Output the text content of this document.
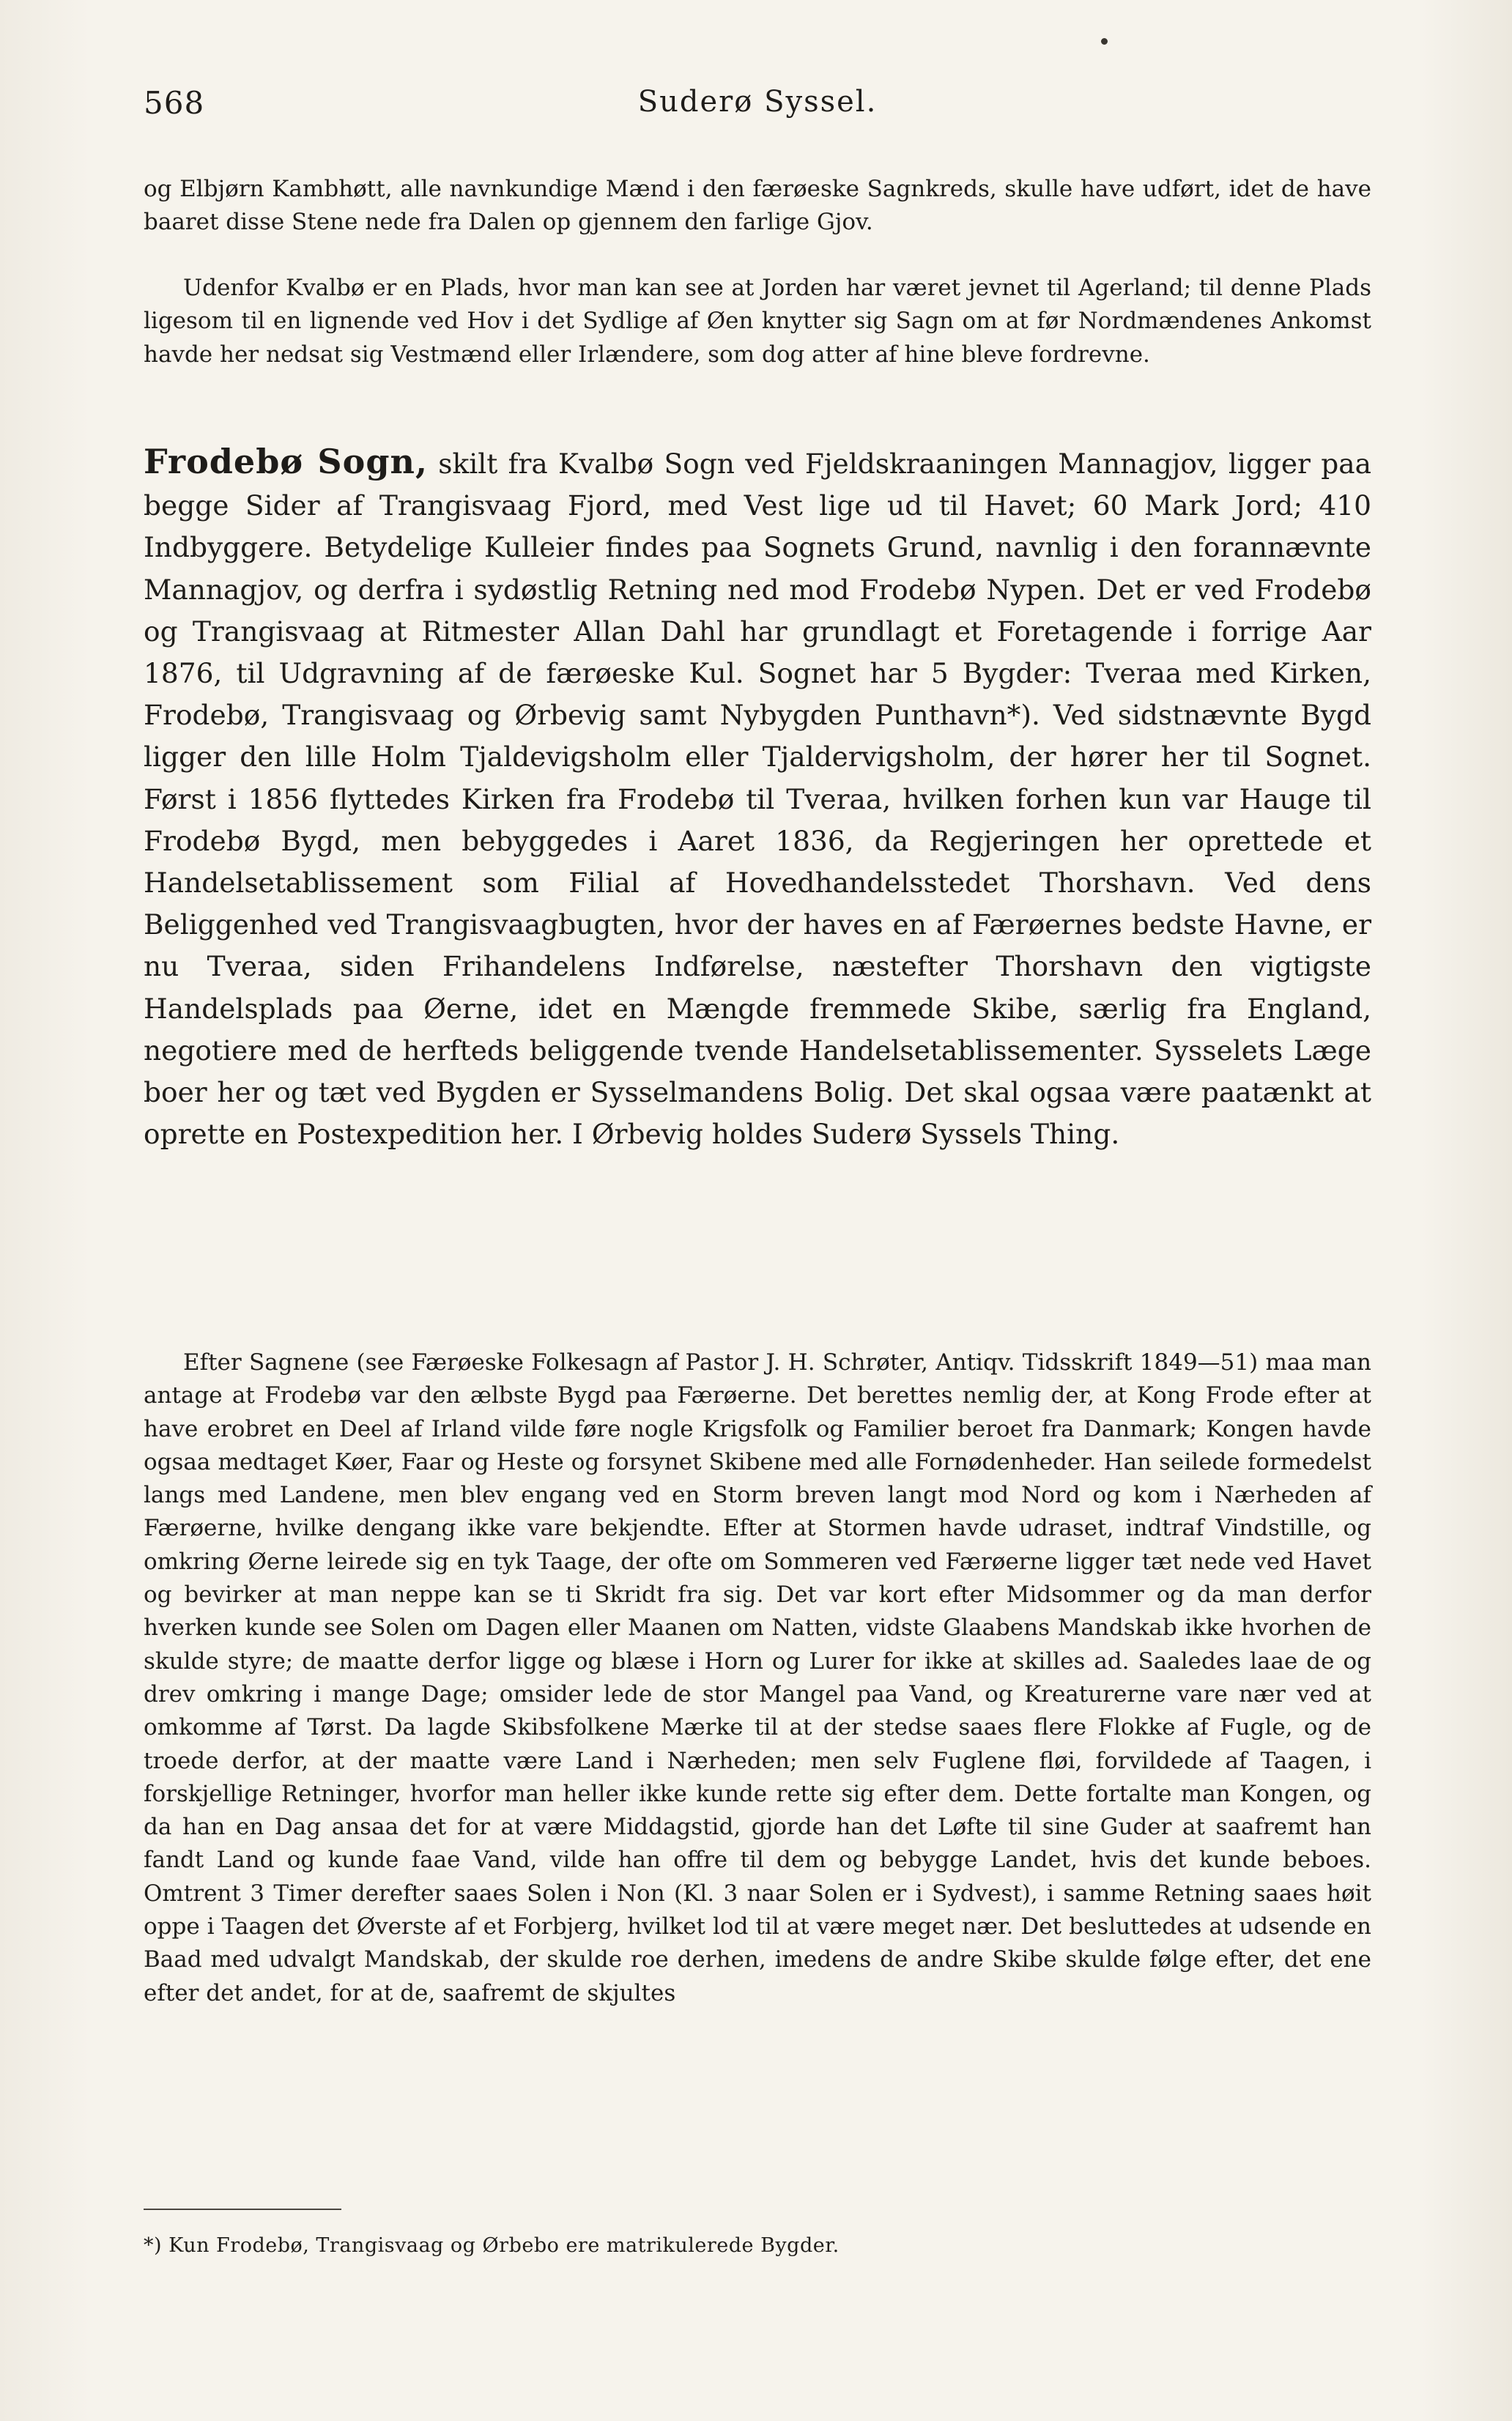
568	Suderø Syssel.

og Elbjørn Kambhøtt, alle navnkundige Mænd i den færøeske Sagnkreds, skulle have udført, idet de have baaret disse Stene nede fra Dalen op gjennem den farlige Gjov.

Udenfor Kvalbø er en Plads, hvor man kan see at Jorden har været jevnet til Agerland; til denne Plads ligesom til en lignende ved Hov i det Sydlige af Øen knytter sig Sagn om at før Nordmændenes Ankomst havde her nedsat sig Vestmænd eller Irlændere, som dog atter af hine bleve fordrevne.

Frodebø Sogn, skilt fra Kvalbø Sogn ved Fjeldskraaningen Mannagjov, ligger paa begge Sider af Trangisvaag Fjord, med Vest lige ud til Havet; 60 Mark Jord; 410 Indbyggere. Betydelige Kulleier findes paa Sognets Grund, navnlig i den forannævnte Mannagjov, og derfra i sydøstlig Retning ned mod Frodebø Nypen. Det er ved Frodebø og Trangisvaag at Ritmester Allan Dahl har grundlagt et Foretagende i forrige Aar 1876, til Udgravning af de færøeske Kul. Sognet har 5 Bygder: Tveraa med Kirken, Frodebø, Trangisvaag og Ørbevig samt Nybygden Punthavn*). Ved sidstnævnte Bygd ligger den lille Holm Tjaldevigsholm eller Tjaldervigsholm, der hører her til Sognet. Først i 1856 flyttedes Kirken fra Frodebø til Tveraa, hvilken forhen kun var Hauge til Frodebø Bygd, men bebyggedes i Aaret 1836, da Regjeringen her oprettede et Handelsetablissement som Filial af Hovedhandelsstedet Thorshavn. Ved dens Beliggenhed ved Trangisvaagbugten, hvor der haves en af Færøernes bedste Havne, er nu Tveraa, siden Frihandelens Indførelse, næstefter Thorshavn den vigtigste Handelsplads paa Øerne, idet en Mængde fremmede Skibe, særlig fra England, negotiere med de herfteds beliggende tvende Handelsetablissementer. Sysselets Læge boer her og tæt ved Bygden er Sysselmandens Bolig. Det skal ogsaa være paatænkt at oprette en Postexpedition her. I Ørbevig holdes Suderø Syssels Thing.

Efter Sagnene (see Færøeske Folkesagn af Pastor J. H. Schrøter, Antiqv. Tidsskrift 1849—51) maa man antage at Frodebø var den ælbste Bygd paa Færøerne. Det berettes nemlig der, at Kong Frode efter at have erobret en Deel af Irland vilde føre nogle Krigsfolk og Familier beroet fra Danmark; Kongen havde ogsaa medtaget Køer, Faar og Heste og forsynet Skibene med alle Fornødenheder. Han seilede formedelst langs med Landene, men blev engang ved en Storm breven langt mod Nord og kom i Nærheden af Færøerne, hvilke dengang ikke vare bekjendte. Efter at Stormen havde udraset, indtraf Vindstille, og omkring Øerne leirede sig en tyk Taage, der ofte om Sommeren ved Færøerne ligger tæt nede ved Havet og bevirker at man neppe kan se ti Skridt fra sig. Det var kort efter Midsommer og da man derfor hverken kunde see Solen om Dagen eller Maanen om Natten, vidste Glaabens Mandskab ikke hvorhen de skulde styre; de maatte derfor ligge og blæse i Horn og Lurer for ikke at skilles ad. Saaledes laae de og drev omkring i mange Dage; omsider lede de stor Mangel paa Vand, og Kreaturerne vare nær ved at omkomme af Tørst. Da lagde Skibsfolkene Mærke til at der stedse saaes flere Flokke af Fugle, og de troede derfor, at der maatte være Land i Nærheden; men selv Fuglene fløi, forvildede af Taagen, i forskjellige Retninger, hvorfor man heller ikke kunde rette sig efter dem. Dette fortalte man Kongen, og da han en Dag ansaa det for at være Middagstid, gjorde han det Løfte til sine Guder at saafremt han fandt Land og kunde faae Vand, vilde han offre til dem og bebygge Landet, hvis det kunde beboes. Omtrent 3 Timer derefter saaes Solen i Non (Kl. 3 naar Solen er i Sydvest), i samme Retning saaes høit oppe i Taagen det Øverste af et Forbjerg, hvilket lod til at være meget nær. Det besluttedes at udsende en Baad med udvalgt Mandskab, der skulde roe derhen, imedens de andre Skibe skulde følge efter, det ene efter det andet, for at de, saafremt de skjultes

*) Kun Frodebø, Trangisvaag og Ørbebo ere matrikulerede Bygder.
